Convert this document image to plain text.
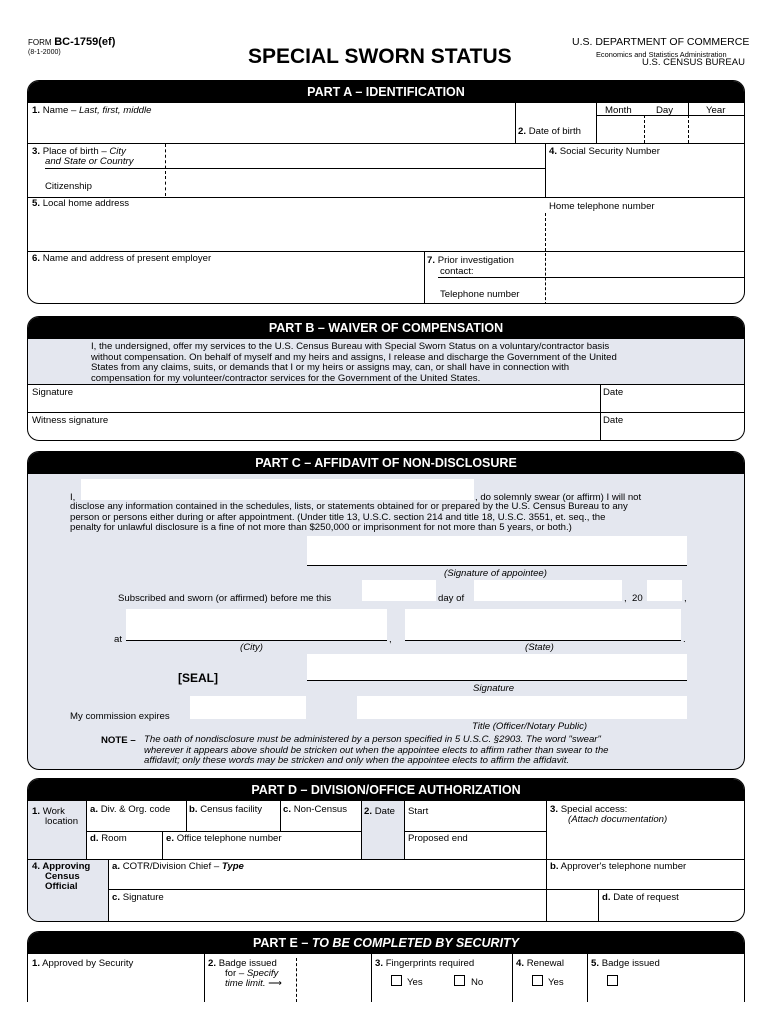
FORM BC-1759(ef)
(8-1-2000)	SPECIAL SWORN STATUS
U.S. DEPARTMENT OF COMMERCE
Economics and Statistics Administration
U.S. CENSUS BUREAU
PART A – IDENTIFICATION
1. Name – Last, first, middle
2. Date of birth
Month	Day	Year
3. Place of birth – City
and State or Country
Citizenship
4. Social Security Number
5. Local home address	Home telephone number
6. Name and address of present employer	7. Prior investigation
contact:
Telephone number
PART B – WAIVER OF COMPENSATION
I, the undersigned, offer my services to the U.S. Census Bureau with Special Sworn Status on a voluntary/contractor basis
without compensation. On behalf of myself and my heirs and assigns, I release and discharge the Government of the United
States from any claims, suits, or demands that I or my heirs or assigns may, can, or shall have in connection with
compensation for my volunteer/contractor services for the Government of the United States.
Signature	Date
Witness signature	Date
PART C – AFFIDAVIT OF NON-DISCLOSURE
I,	, do solemnly swear (or affirm) I will not
disclose any information contained in the schedules, lists, or statements obtained for or prepared by the U.S. Census Bureau to any
person or persons either during or after appointment. (Under title 13, U.S.C. section 214 and title 18, U.S.C. 3551, et. seq., the
penalty for unlawful disclosure is a fine of not more than $250,000 or imprisonment for not more than 5 years, or both.)
(Signature of appointee)
Subscribed and sworn (or affirmed) before me this	day of	, 20	,
at	,	.
(City)	(State)
[SEAL]
Signature
My commission expires
Title (Officer/Notary Public)
NOTE – The oath of nondisclosure must be administered by a person specified in 5 U.S.C. §2903. The word "swear"
wherever it appears above should be stricken out when the appointee elects to affirm rather than swear to the
affidavit; only these words may be stricken and only when the appointee elects to affirm the affidavit.
PART D – DIVISION/OFFICE AUTHORIZATION
1. Work
location
a. Div. & Org. code b. Census facility c. Non-Census
d. Room	e. Office telephone number
2. Date Start
Proposed end
3. Special access:
(Attach documentation)
4. Approving
Census
Official
a. COTR/Division Chief – Type	b. Approver's telephone number
c. Signature	d. Date of request
PART E – TO BE COMPLETED BY SECURITY
1. Approved by Security	2. Badge issued
for – Specify
time limit. ⟶
3. Fingerprints required
Yes	No
4. Renewal
Yes
5. Badge issued
